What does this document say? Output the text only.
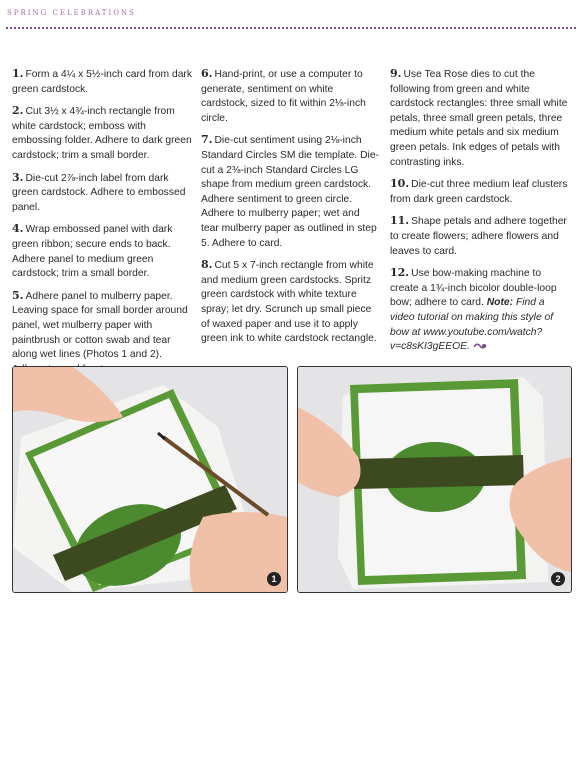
SPRING CELEBRATIONS

1. Form a 4¼ x 5½-inch card from dark green cardstock.

2. Cut 3½ x 4¾-inch rectangle from white cardstock; emboss with embossing folder. Adhere to dark green cardstock; trim a small border.

3. Die-cut 2⅞-inch label from dark green cardstock. Adhere to embossed panel.

4. Wrap embossed panel with dark green ribbon; secure ends to back. Adhere panel to medium green cardstock; trim a small border.

5. Adhere panel to mulberry paper. Leaving space for small border around panel, wet mulberry paper with paintbrush or cotton swab and tear along wet lines (Photos 1 and 2).

6. Hand-print, or use a computer to generate, sentiment on white cardstock, sized to fit within 2⅛-inch circle.

7. Die-cut sentiment using 2⅛-inch Standard Circles SM die template. Die-cut a 2⅜-inch Standard Circles LG shape from medium green cardstock. Adhere sentiment to green circle. Adhere to mulberry paper; wet and tear mulberry paper as outlined in step 5. Adhere to card.

8. Cut 5 x 7-inch rectangle from white and medium green cardstocks. Spritz green cardstock with white texture spray; let dry. Scrunch up small piece of waxed paper and use it to apply green ink to white cardstock rectangle.

9. Use Tea Rose dies to cut the following from green and white cardstock rectangles: three small white petals, three small green petals, three medium white petals and six medium green petals. Ink edges of petals with contrasting inks.

10. Die-cut three medium leaf clusters from dark green cardstock.

11. Shape petals and adhere together to create flowers; adhere flowers and leaves to card.

12. Use bow-making machine to create a 1¾-inch bicolor double-loop bow; adhere to card. Note: Find a video tutorial on making this style of bow at www.youtube.com/watch?v=c8sKI3gEEOE.

1	2
